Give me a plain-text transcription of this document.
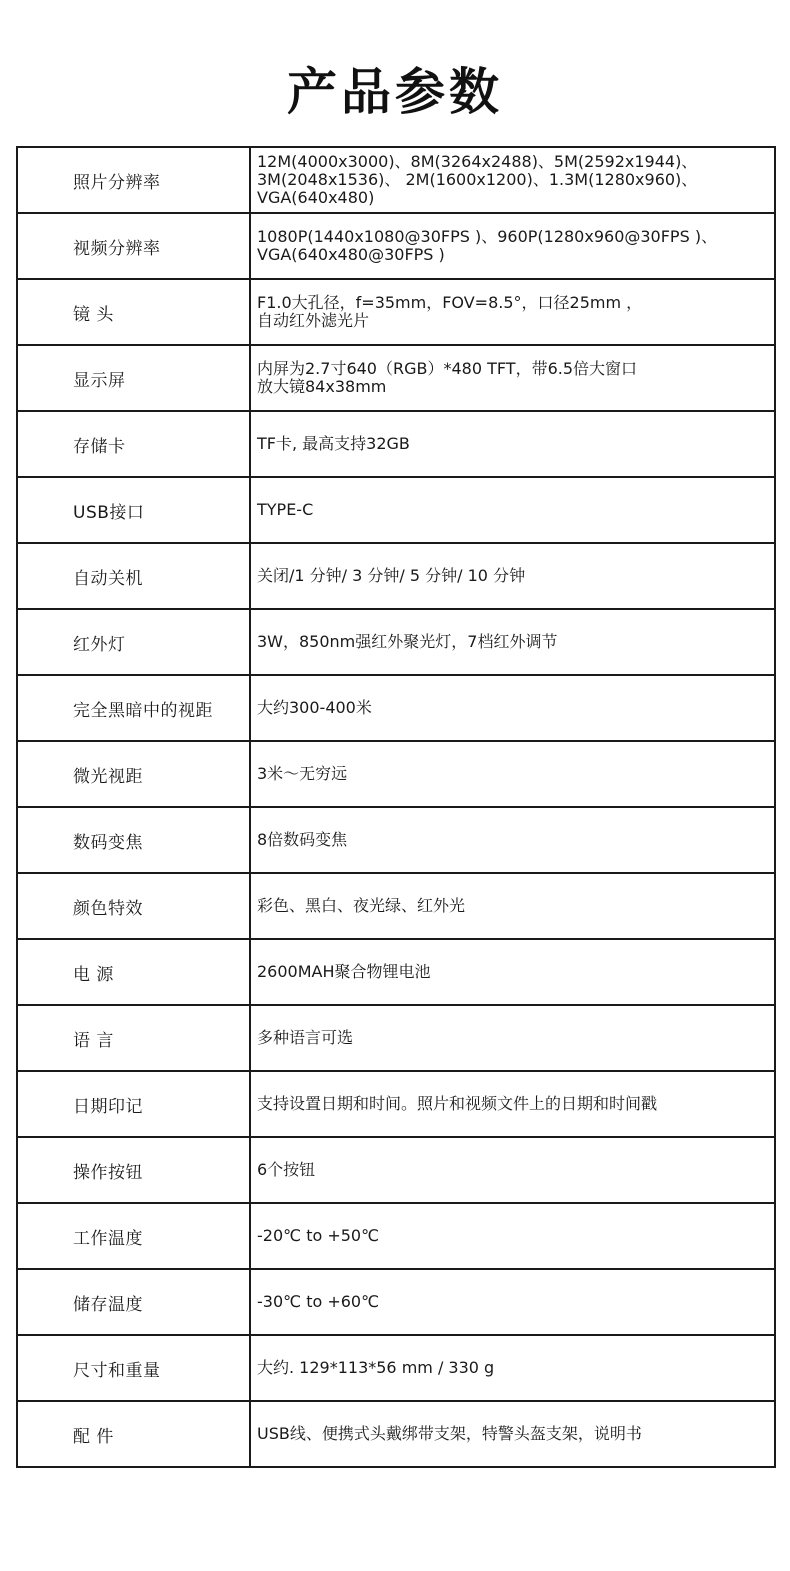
产品参数
照片分辨率	12M(4000x3000)、8M(3264x2488)、5M(2592x1944)、
3M(2048x1536)、 2M(1600x1200)、1.3M(1280x960)、
VGA(640x480)
视频分辨率	1080P(1440x1080@30FPS )、960P(1280x960@30FPS )、
VGA(640x480@30FPS )
镜 头	F1.0大孔径，f=35mm，FOV=8.5°，口径25mm ，
自动红外滤光片
显示屏	内屏为2.7寸640（RGB）*480 TFT，带6.5倍大窗口
放大镜84x38mm
存储卡	TF卡, 最高支持32GB
USB接口	TYPE-C
自动关机	关闭/1 分钟/ 3 分钟/ 5 分钟/ 10 分钟
红外灯	3W，850nm强红外聚光灯，7档红外调节
完全黑暗中的视距	大约300-400米
微光视距	3米～无穷远
数码变焦	8倍数码变焦
颜色特效	彩色、黑白、夜光绿、红外光
电 源	2600MAH聚合物锂电池
语 言	多种语言可选
日期印记	支持设置日期和时间。照片和视频文件上的日期和时间戳
操作按钮	6个按钮
工作温度	-20℃ to +50℃
储存温度	-30℃ to +60℃
尺寸和重量	大约. 129*113*56 mm / 330 g
配 件	USB线、便携式头戴绑带支架，特警头盔支架，说明书
